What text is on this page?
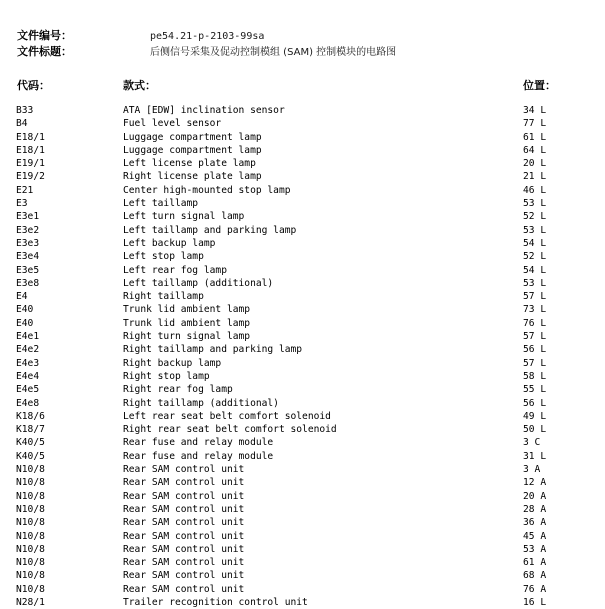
文件编号：	pe54.21-p-2103-99sa
文件标题：	后侧信号采集及促动控制模组 (SAM) 控制模块的电路图
代码：	款式：	位置：
B33	ATA [EDW] inclination sensor	34 L
B4	Fuel level sensor	77 L
E18/1	Luggage compartment lamp	61 L
E18/1	Luggage compartment lamp	64 L
E19/1	Left license plate lamp	20 L
E19/2	Right license plate lamp	21 L
E21	Center high-mounted stop lamp	46 L
E3	Left taillamp	53 L
E3e1	Left turn signal lamp	52 L
E3e2	Left taillamp and parking lamp	53 L
E3e3	Left backup lamp	54 L
E3e4	Left stop lamp	52 L
E3e5	Left rear fog lamp	54 L
E3e8	Left taillamp (additional)	53 L
E4	Right taillamp	57 L
E40	Trunk lid ambient lamp	73 L
E40	Trunk lid ambient lamp	76 L
E4e1	Right turn signal lamp	57 L
E4e2	Right taillamp and parking lamp	56 L
E4e3	Right backup lamp	57 L
E4e4	Right stop lamp	58 L
E4e5	Right rear fog lamp	55 L
E4e8	Right taillamp (additional)	56 L
K18/6	Left rear seat belt comfort solenoid	49 L
K18/7	Right rear seat belt comfort solenoid	50 L
K40/5	Rear fuse and relay module	3 C
K40/5	Rear fuse and relay module	31 L
N10/8	Rear SAM control unit	3 A
N10/8	Rear SAM control unit	12 A
N10/8	Rear SAM control unit	20 A
N10/8	Rear SAM control unit	28 A
N10/8	Rear SAM control unit	36 A
N10/8	Rear SAM control unit	45 A
N10/8	Rear SAM control unit	53 A
N10/8	Rear SAM control unit	61 A
N10/8	Rear SAM control unit	68 A
N10/8	Rear SAM control unit	76 A
N28/1	Trailer recognition control unit	16 L
